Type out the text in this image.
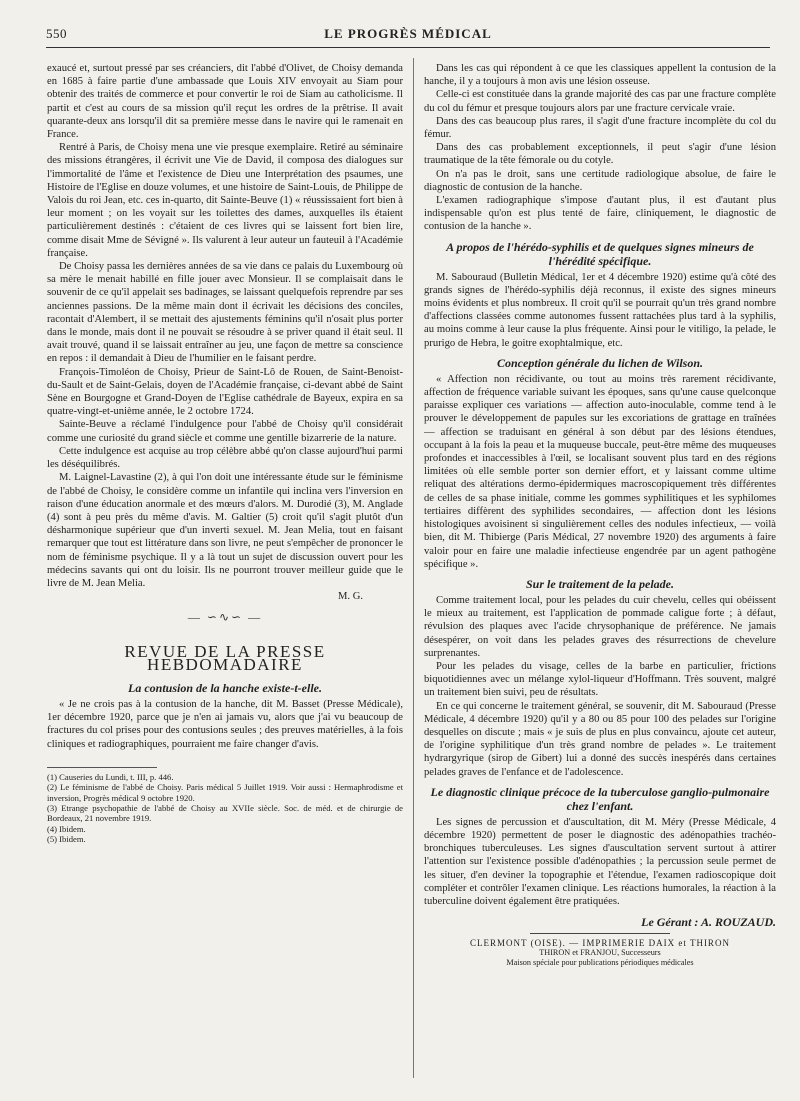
550	LE PROGRÈS MÉDICAL

exaucé et, surtout pressé par ses créanciers, dit l'abbé d'Olivet, de Choisy demanda en 1685 à faire partie d'une ambassade que Louis XIV envoyait au Siam pour obtenir des traités de commerce et pour convertir le roi de Siam au catholicisme. Il partit et c'est au cours de sa mission qu'il reçut les ordres de la prêtrise. Il avait quarante-deux ans lorsqu'il dit sa première messe dans le navire qui le ramenait en France.

Rentré à Paris, de Choisy mena une vie presque exemplaire. Retiré au séminaire des missions étrangères, il écrivit une Vie de David, il composa des dialogues sur l'immortalité de l'âme et l'existence de Dieu une Interprétation des psaumes, une Histoire de l'Eglise en douze volumes, et une histoire de Saint-Louis, de Philippe de Valois du roi Jean, etc. ces in-quarto, dit Sainte-Beuve (1) « réussissaient fort bien à leur moment ; on les voyait sur les toilettes des dames, auxquelles ils étaient particulièrement destinés : c'étaient de ces livres qui se laissent fort bien lire, comme disait Mme de Sévigné ». Ils valurent à leur auteur un fauteuil à l'Académie française.

De Choisy passa les dernières années de sa vie dans ce palais du Luxembourg où sa mère le menait habillé en fille jouer avec Monsieur. Il se complaisait dans le souvenir de ce qu'il appelait ses badinages, se laissant quelquefois reprendre par ses anciennes passions. De la même main dont il écrivait les décisions des conciles, racontait d'Alembert, il se mettait des ajustements féminins qu'il n'osait plus porter dans le monde, mais dont il ne pouvait se résoudre à se priver quand il était seul. Il avait trouvé, quand il se laissait entraîner au jeu, une façon de mettre sa conscience en repos : il demandait à Dieu de l'humilier en le faisant perdre.

François-Timoléon de Choisy, Prieur de Saint-Lô de Rouen, de Saint-Benoist-du-Sault et de Saint-Gelais, doyen de l'Académie française, ci-devant abbé de Saint Sène en Bourgogne et Grand-Doyen de l'Eglise cathédrale de Bayeux, expira en sa quatre-vingt-et-unième année, le 2 octobre 1724.

Sainte-Beuve a réclamé l'indulgence pour l'abbé de Choisy qu'il considérait comme une curiosité du grand siècle et comme une gentille bizarrerie de la nature.

Cette indulgence est acquise au trop célèbre abbé qu'on classe aujourd'hui parmi les déséquilibrés.

M. Laignel-Lavastine (2), à qui l'on doit une intéressante étude sur le féminisme de l'abbé de Choisy, le considère comme un infantile qui inclina vers l'inversion en raison d'une éducation anormale et des mœurs d'alors. M. Durodié (3), M. Anglade (4) sont à peu près du même d'avis. M. Galtier (5) croit qu'il s'agit plutôt d'un désharmonique supérieur que d'un inverti sexuel. M. Jean Melia, tout en faisant remarquer que tout est littérature dans son livre, ne peut s'empêcher de prononcer le nom de féminisme psychique. Il y a là tout un sujet de discussion ouvert pour les médecins savants qui ont du loisir. Ils ne pourront trouver meilleur guide que le livre de M. Jean Melia.

M. G.
— ∽∿∽ —
REVUE DE LA PRESSE HEBDOMADAIRE
La contusion de la hanche existe-t-elle.

« Je ne crois pas à la contusion de la hanche, dit M. Basset (Presse Médicale), 1er décembre 1920, parce que je n'en ai jamais vu, alors que j'ai vu beaucoup de fractures du col prises pour des contusions seules ; des preuves matérielles, à la fois cliniques et radiographiques, pourraient me faire changer d'avis.

(1) Causeries du Lundi, t. III, p. 446.

(2) Le féminisme de l'abbé de Choisy. Paris médical 5 Juillet 1919. Voir aussi : Hermaphrodisme et inversion, Progrès médical 9 octobre 1920.

(3) Etrange psychopathie de l'abbé de Choisy au XVIIe siècle. Soc. de méd. et de chirurgie de Bordeaux, 21 novembre 1919.

(4) Ibidem.

(5) Ibidem.

Dans les cas qui répondent à ce que les classiques appellent la contusion de la hanche, il y a toujours à mon avis une lésion osseuse.

Celle-ci est constituée dans la grande majorité des cas par une fracture complète du col du fémur et presque toujours alors par une fracture cervicale vraie.

Dans des cas beaucoup plus rares, il s'agit d'une fracture incomplète du col du fémur.

Dans des cas probablement exceptionnels, il peut s'agir d'une lésion traumatique de la tête fémorale ou du cotyle.

On n'a pas le droit, sans une certitude radiologique absolue, de faire le diagnostic de contusion de la hanche.

L'examen radiographique s'impose d'autant plus, il est d'autant plus indispensable qu'on est plus tenté de faire, cliniquement, le diagnostic de contusion de la hanche ».

A propos de l'hérédo-syphilis et de quelques signes mineurs de l'hérédité spécifique.

M. Sabouraud (Bulletin Médical, 1er et 4 décembre 1920) estime qu'à côté des grands signes de l'hérédo-syphilis déjà reconnus, il existe des signes mineurs moins évidents et plus nombreux. Il croit qu'il se pourrait qu'un très grand nombre d'affections classées comme autonomes fussent rattachées plus tard à la syphilis, au moins comme à leur cause la plus fréquente. Ainsi pour le vitiligo, la pelade, le prurigo de Hebra, le goitre exophtalmique, etc.

Conception générale du lichen de Wilson.

« Affection non récidivante, ou tout au moins très rarement récidivante, affection de fréquence variable suivant les époques, sans qu'une cause quelconque paraisse expliquer ces variations — affection auto-inoculable, comme tend à le prouver le développement de papules sur les excoriations de grattage en traînées — affection se traduisant en général à son début par des lésions étendues, occupant à la fois la peau et la muqueuse buccale, peut-être même des muqueuses profondes et inaccessibles à l'œil, se localisant souvent plus tard en des régions limitées où elle semble porter son dernier effort, et y laissant comme ultime reliquat des altérations dermo-épidermiques macroscopiquement très différentes de celles de sa phase initiale, comme les gommes syphilitiques et les syphilomes tertiaires diffèrent des syphilides secondaires, — affection dont les lésions histologiques avoisinent si singulièrement celles des nodules infectieux, — voilà bien, dit M. Thibierge (Paris Médical, 27 novembre 1920) des arguments à faire valoir pour en faire une maladie infectieuse engendrée par un agent pathogène spécifique ».

Sur le traitement de la pelade.

Comme traitement local, pour les pelades du cuir chevelu, celles qui obéissent le mieux au traitement, est l'application de pommade caligue forte ; à défaut, révulsion des plaques avec l'acide chrysophanique de préférence. Ne jamais désespérer, on voit dans les pelades graves des résurrections de chevelure surprenantes.

Pour les pelades du visage, celles de la barbe en particulier, frictions biquotidiennes avec un mélange xylol-liqueur d'Hoffmann. Très souvent, malgré un traitement bien suivi, peu de résultats.

En ce qui concerne le traitement général, se souvenir, dit M. Sabouraud (Presse Médicale, 4 décembre 1920) qu'il y a 80 ou 85 pour 100 des pelades sur l'origine desquelles on discute ; mais « je suis de plus en plus convaincu, ajoute cet auteur, de l'origine syphilitique d'un très grand nombre de pelades ». Le traitement hydrargyrique (sirop de Gibert) lui a donné des succès inespérés dans certaines pelades graves de l'enfance et de l'adolescence.

Le diagnostic clinique précoce de la tuberculose ganglio-pulmonaire chez l'enfant.

Les signes de percussion et d'auscultation, dit M. Méry (Presse Médicale, 4 décembre 1920) permettent de poser le diagnostic des adénopathies trachéo-bronchiques tuberculeuses. Les signes d'auscultation servent surtout à attirer l'attention sur l'existence possible d'adénopathies ; la percussion seule permet de les situer, d'en deviner la topographie et l'étendue, l'examen radioscopique doit compléter et contrôler l'examen clinique. Les réactions humorales, la réaction à la tuberculine doivent également être pratiquées.

Le Gérant : A. ROUZAUD.
CLERMONT (OISE). — IMPRIMERIE DAIX et THIRON
THIRON et FRANJOU, Successeurs
Maison spéciale pour publications périodiques médicales
